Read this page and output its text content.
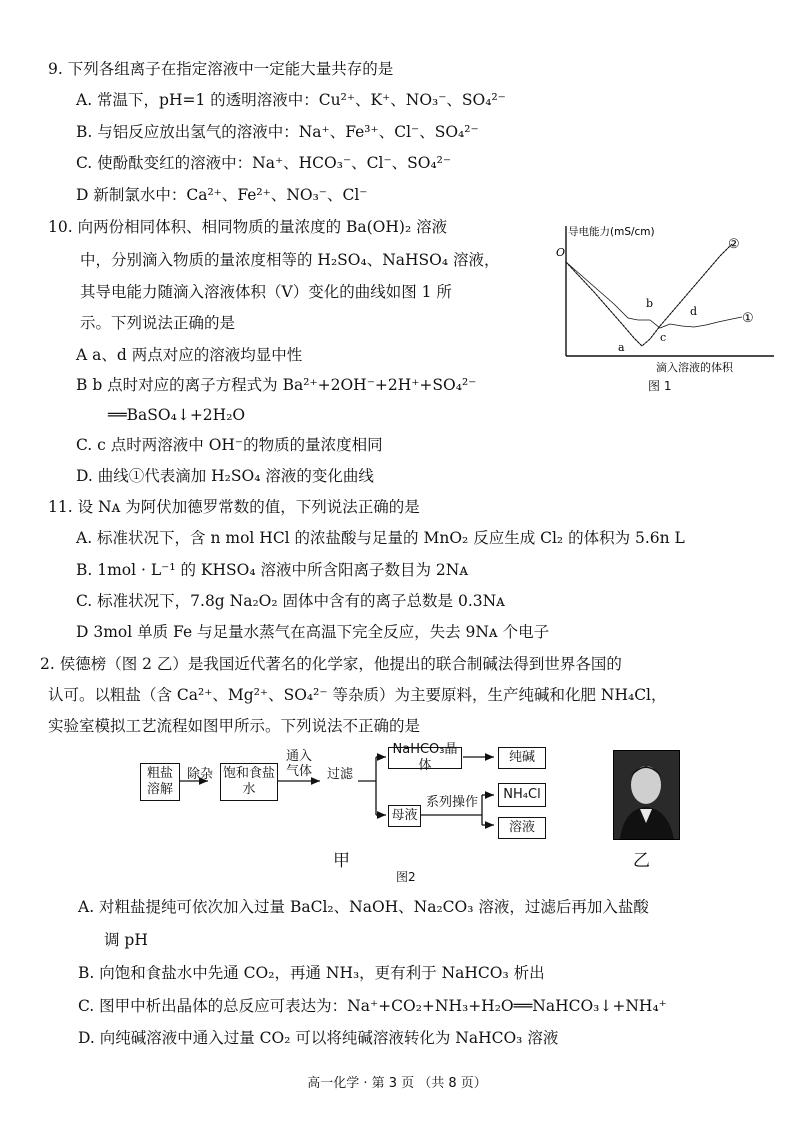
9. 下列各组离子在指定溶液中一定能大量共存的是
A. 常温下，pH=1 的透明溶液中：Cu²⁺、K⁺、NO₃⁻、SO₄²⁻
B. 与铝反应放出氢气的溶液中：Na⁺、Fe³⁺、Cl⁻、SO₄²⁻
C. 使酚酞变红的溶液中：Na⁺、HCO₃⁻、Cl⁻、SO₄²⁻
D 新制氯水中：Ca²⁺、Fe²⁺、NO₃⁻、Cl⁻
10. 向两份相同体积、相同物质的量浓度的 Ba(OH)₂ 溶液
中，分别滴入物质的量浓度相等的 H₂SO₄、NaHSO₄ 溶液，
其导电能力随滴入溶液体积（V）变化的曲线如图 1 所
示。下列说法正确的是
A a、d 两点对应的溶液均显中性
B b 点时对应的离子方程式为 Ba²⁺+2OH⁻+2H⁺+SO₄²⁻
══BaSO₄↓+2H₂O
C. c 点时两溶液中 OH⁻的物质的量浓度相同
D. 曲线①代表滴加 H₂SO₄ 溶液的变化曲线
导电能力(mS/cm)
O
b
a
c
d	①
②
滴入溶液的体积
图 1
11. 设 Nᴀ 为阿伏加德罗常数的值，下列说法正确的是
A. 标准状况下，含 n mol HCl 的浓盐酸与足量的 MnO₂ 反应生成 Cl₂ 的体积为 5.6n L
B. 1mol · L⁻¹ 的 KHSO₄ 溶液中所含阳离子数目为 2Nᴀ
C. 标准状况下，7.8g Na₂O₂ 固体中含有的离子总数是 0.3Nᴀ
D 3mol 单质 Fe 与足量水蒸气在高温下完全反应，失去 9Nᴀ 个电子
2. 侯德榜（图 2 乙）是我国近代著名的化学家，他提出的联合制碱法得到世界各国的
认可。以粗盐（含 Ca²⁺、Mg²⁺、SO₄²⁻ 等杂质）为主要原料，生产纯碱和化肥 NH₄Cl，
实验室模拟工艺流程如图甲所示。下列说法不正确的是
粗盐溶解
除杂 饱和食盐水
通入气体	过滤
NaHCO₃晶体
纯碱
母液
系列操作
NH₄Cl
溶液
甲	乙
图2
A. 对粗盐提纯可依次加入过量 BaCl₂、NaOH、Na₂CO₃ 溶液，过滤后再加入盐酸
调 pH
B. 向饱和食盐水中先通 CO₂，再通 NH₃，更有利于 NaHCO₃ 析出
C. 图甲中析出晶体的总反应可表达为：Na⁺+CO₂+NH₃+H₂O══NaHCO₃↓+NH₄⁺
D. 向纯碱溶液中通入过量 CO₂ 可以将纯碱溶液转化为 NaHCO₃ 溶液
高一化学 · 第 3 页 （共 8 页）
